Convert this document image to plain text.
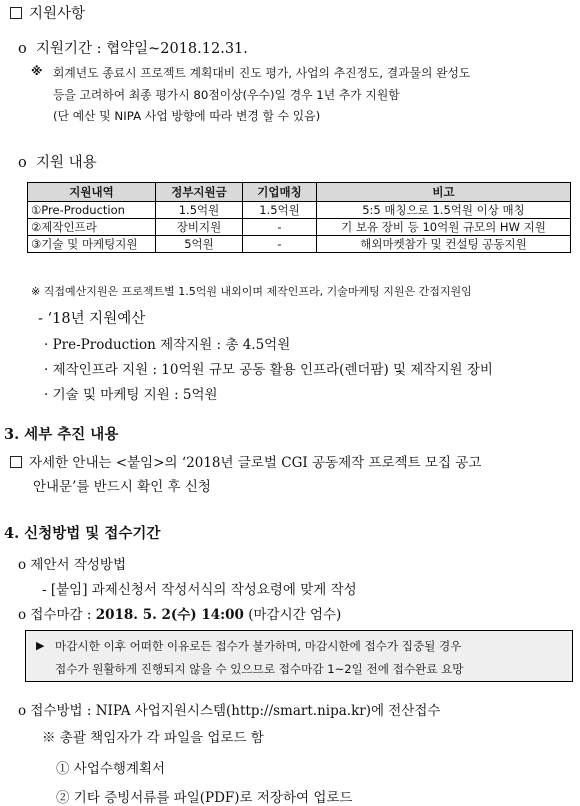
지원사항
o 지원기간 : 협약일~2018.12.31.
※ 회계년도 종료시 프로젝트 계획대비 진도 평가, 사업의 추진정도, 결과물의 완성도
등을 고려하여 최종 평가시 80점이상(우수)일 경우 1년 추가 지원함
(단 예산 및 NIPA 사업 방향에 따라 변경 할 수 있음)
o 지원 내용
지원내역	정부지원금	기업매칭	비고
①Pre-Production	1.5억원	1.5억원	5:5 매칭으로 1.5억원 이상 매칭
②제작인프라	장비지원	-	기 보유 장비 등 10억원 규모의 HW 지원
③기술 및 마케팅지원	5억원	-	해외마켓참가 및 컨설팅 공동지원
※ 직접예산지원은 프로젝트별 1.5억원 내외이며 제작인프라, 기술마케팅 지원은 간접지원임
- ‘18년 지원예산
· Pre-Production 제작지원 : 총 4.5억원
· 제작인프라 지원 : 10억원 규모 공동 활용 인프라(렌더팜) 및 제작지원 장비
· 기술 및 마케팅 지원 : 5억원
3. 세부 추진 내용
자세한 안내는 <붙임>의 ‘2018년 글로벌 CGI 공동제작 프로젝트 모집 공고
안내문’를 반드시 확인 후 신청
4. 신청방법 및 접수기간
o 제안서 작성방법
- [붙임] 과제신청서 작성서식의 작성요령에 맞게 작성
o 접수마감 : 2018. 5. 2(수) 14:00 (마감시간 엄수)
▶ 마감시한 이후 어떠한 이유로든 접수가 불가하며, 마감시한에 접수가 집중될 경우
접수가 원활하게 진행되지 않을 수 있으므로 접수마감 1~2일 전에 접수완료 요망
o 접수방법 : NIPA 사업지원시스템(http://smart.nipa.kr)에 전산접수
※ 총괄 책임자가 각 파일을 업로드 함
① 사업수행계획서
② 기타 증빙서류를 파일(PDF)로 저장하여 업로드
